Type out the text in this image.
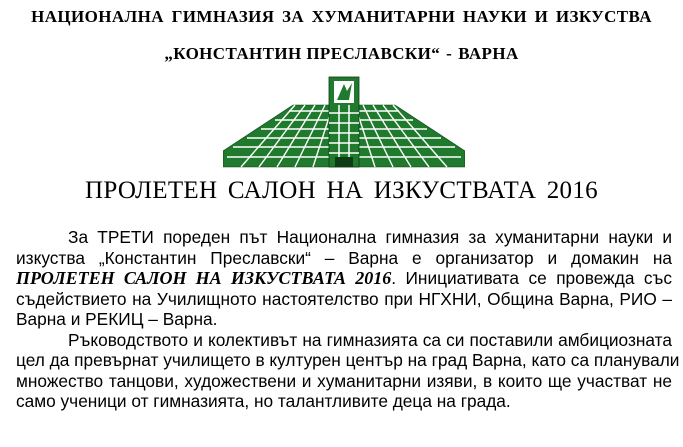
НАЦИОНАЛНА ГИМНАЗИЯ ЗА ХУМАНИТАРНИ НАУКИ И ИЗКУСТВА
„КОНСТАНТИН ПРЕСЛАВСКИ“ - ВАРНА
ПРОЛЕТЕН САЛОН НА ИЗКУСТВАТА 2016
За ТРЕТИ пореден път Национална гимназия за хуманитарни науки и
изкуства „Константин Преславски“ – Варна е организатор и домакин на
ПРОЛЕТЕН САЛОН НА ИЗКУСТВАТА 2016. Инициативата се провежда със
съдействието на Училищното настоятелство при НГХНИ, Община Варна, РИО –
Варна и РЕКИЦ – Варна.
Ръководството и колективът на гимназията са си поставили амбициозната
цел да превърнат училището в културен център на град Варна, като са планували
множество танцови, художествени и хуманитарни изяви, в които ще участват не
само ученици от гимназията, но талантливите деца на града.
